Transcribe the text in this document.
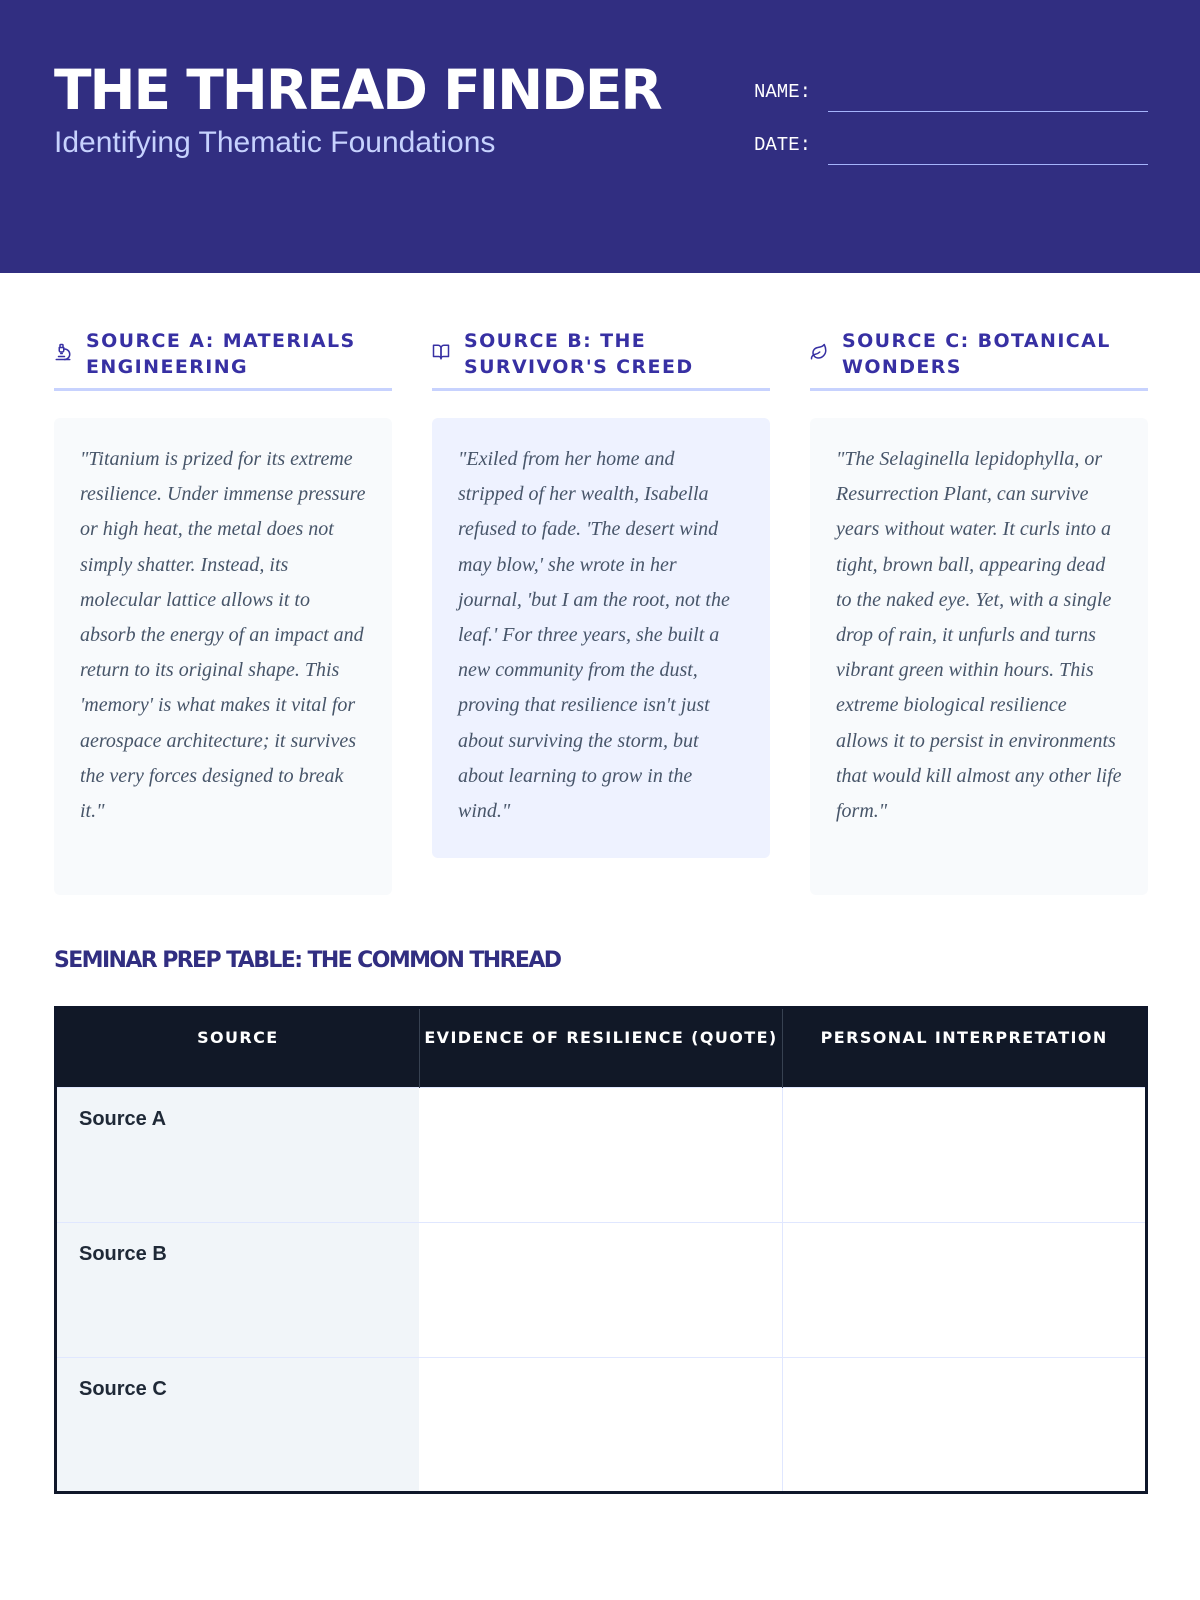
THE THREAD FINDER
Identifying Thematic Foundations
NAME:
DATE:
SOURCE A: MATERIALS ENGINEERING
"Titanium is prized for its extreme resilience. Under immense pressure or high heat, the metal does not simply shatter. Instead, its molecular lattice allows it to absorb the energy of an impact and return to its original shape. This 'memory' is what makes it vital for aerospace architecture; it survives the very forces designed to break it."
SOURCE B: THE SURVIVOR'S CREED
"Exiled from her home and stripped of her wealth, Isabella refused to fade. 'The desert wind may blow,' she wrote in her journal, 'but I am the root, not the leaf.' For three years, she built a new community from the dust, proving that resilience isn't just about surviving the storm, but about learning to grow in the wind."
SOURCE C: BOTANICAL WONDERS
"The Selaginella lepidophylla, or Resurrection Plant, can survive years without water. It curls into a tight, brown ball, appearing dead to the naked eye. Yet, with a single drop of rain, it unfurls and turns vibrant green within hours. This extreme biological resilience allows it to persist in environments that would kill almost any other life form."
SEMINAR PREP TABLE: THE COMMON THREAD
SOURCE	EVIDENCE OF RESILIENCE (QUOTE)	PERSONAL INTERPRETATION
Source A		
Source B		
Source C		
